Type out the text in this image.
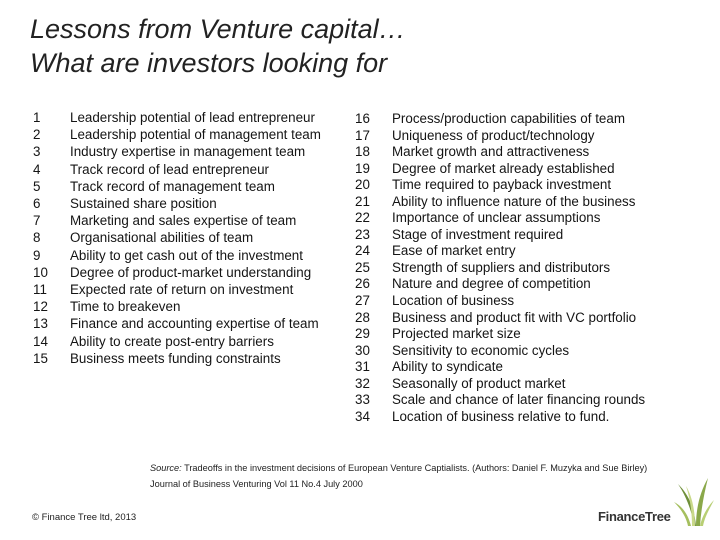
Lessons from Venture capital…
What are investors looking for
1	Leadership potential of lead entrepreneur
2	Leadership potential of management team
3	Industry expertise in management team
4	Track record of lead entrepreneur
5	Track record of management team
6	Sustained share position
7	Marketing and sales expertise of team
8	Organisational abilities of team
9	Ability to get cash out of the investment
10	Degree of product-market understanding
11	Expected rate of return on investment
12	Time to breakeven
13	Finance and accounting expertise of team
14	Ability to create post-entry barriers
15	Business meets funding constraints
16	Process/production capabilities of team
17	Uniqueness of product/technology
18	Market growth and attractiveness
19	Degree of market already established
20	Time required to payback investment
21	Ability to influence nature of the business
22	Importance of unclear assumptions
23	Stage of investment required
24	Ease of market entry
25	Strength of suppliers and distributors
26	Nature and degree of competition
27	Location of business
28	Business and product fit with VC portfolio
29	Projected market size
30	Sensitivity to economic cycles
31	Ability to syndicate
32	Seasonally of product market
33	Scale and chance of later financing rounds
34	Location of business relative to fund.
Source: Tradeoffs in the investment decisions of European Venture Captialists. (Authors: Daniel F. Muzyka and Sue Birley) Journal of Business Venturing Vol 11 No.4 July 2000
© Finance Tree ltd, 2013	FinanceTree
